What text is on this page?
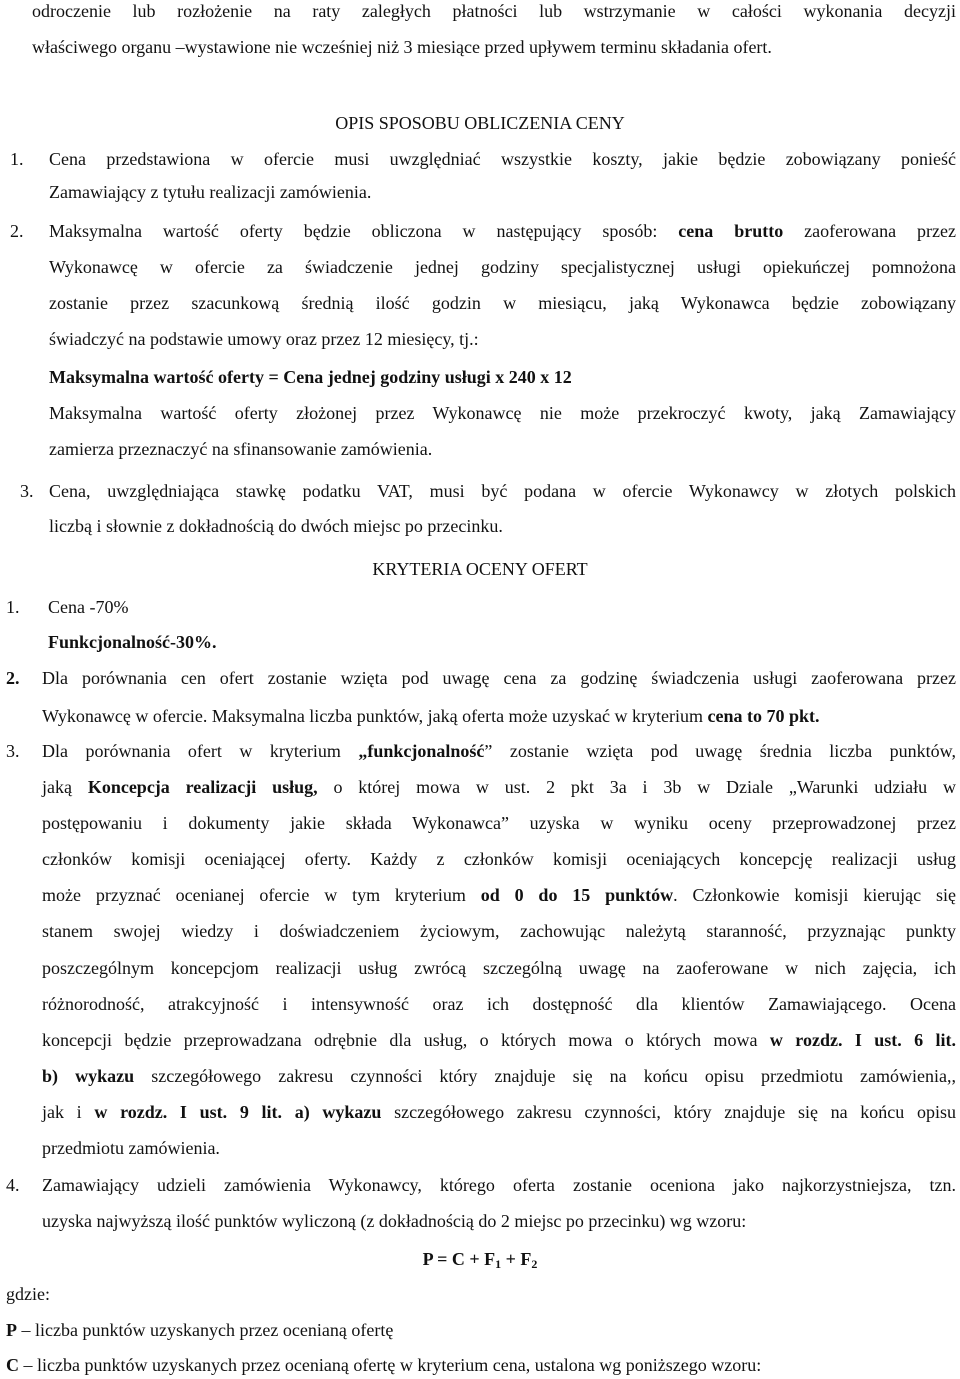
odroczenie lub rozłożenie na raty zaległych płatności lub wstrzymanie w całości wykonania decyzji

właściwego organu –wystawione nie wcześniej niż 3 miesiące przed upływem terminu składania ofert.

OPIS SPOSOBU OBLICZENIA CENY

1. Cena przedstawiona w ofercie musi uwzględniać wszystkie koszty, jakie będzie zobowiązany ponieść

Zamawiający z tytułu realizacji zamówienia.

2. Maksymalna wartość oferty będzie obliczona w następujący sposób: cena brutto zaoferowana przez

Wykonawcę w ofercie za świadczenie jednej godziny specjalistycznej usługi opiekuńczej pomnożona

zostanie przez szacunkową średnią ilość godzin w miesiącu, jaką Wykonawca będzie zobowiązany

świadczyć na podstawie umowy oraz przez 12 miesięcy, tj.:

Maksymalna wartość oferty = Cena jednej godziny usługi x 240 x 12

Maksymalna wartość oferty złożonej przez Wykonawcę nie może przekroczyć kwoty, jaką Zamawiający

zamierza przeznaczyć na sfinansowanie zamówienia.

3. Cena, uwzględniająca stawkę podatku VAT, musi być podana w ofercie Wykonawcy w złotych polskich

liczbą i słownie z dokładnością do dwóch miejsc po przecinku.

KRYTERIA OCENY OFERT

1. Cena -70%

Funkcjonalność-30%.

2. Dla porównania cen ofert zostanie wzięta pod uwagę cena za godzinę świadczenia usługi zaoferowana przez

Wykonawcę w ofercie. Maksymalna liczba punktów, jaką oferta może uzyskać w kryterium cena to 70 pkt.

3. Dla porównania ofert w kryterium „funkcjonalność” zostanie wzięta pod uwagę średnia liczba punktów,

jaką Koncepcja realizacji usług, o której mowa w ust. 2 pkt 3a i 3b w Dziale „Warunki udziału w

postępowaniu i dokumenty jakie składa Wykonawca” uzyska w wyniku oceny przeprowadzonej przez

członków komisji oceniającej oferty. Każdy z członków komisji oceniających koncepcję realizacji usług

może przyznać ocenianej ofercie w tym kryterium od 0 do 15 punktów. Członkowie komisji kierując się

stanem swojej wiedzy i doświadczeniem życiowym, zachowując należytą staranność, przyznając punkty

poszczególnym koncepcjom realizacji usług zwrócą szczególną uwagę na zaoferowane w nich zajęcia, ich

różnorodność, atrakcyjność i intensywność oraz ich dostępność dla klientów Zamawiającego. Ocena

koncepcji będzie przeprowadzana odrębnie dla usług, o których mowa o których mowa w rozdz. I ust. 6 lit.

b) wykazu szczegółowego zakresu czynności który znajduje się na końcu opisu przedmiotu zamówienia,,

jak i w rozdz. I ust. 9 lit. a) wykazu szczegółowego zakresu czynności, który znajduje się na końcu opisu

przedmiotu zamówienia.

4. Zamawiający udzieli zamówienia Wykonawcy, którego oferta zostanie oceniona jako najkorzystniejsza, tzn.

uzyska najwyższą ilość punktów wyliczoną (z dokładnością do 2 miejsc po przecinku) wg wzoru:

$P = C + F_1 + F_2$

gdzie:

P – liczba punktów uzyskanych przez ocenianą ofertę

C – liczba punktów uzyskanych przez ocenianą ofertę w kryterium cena, ustalona wg poniższego wzoru:
